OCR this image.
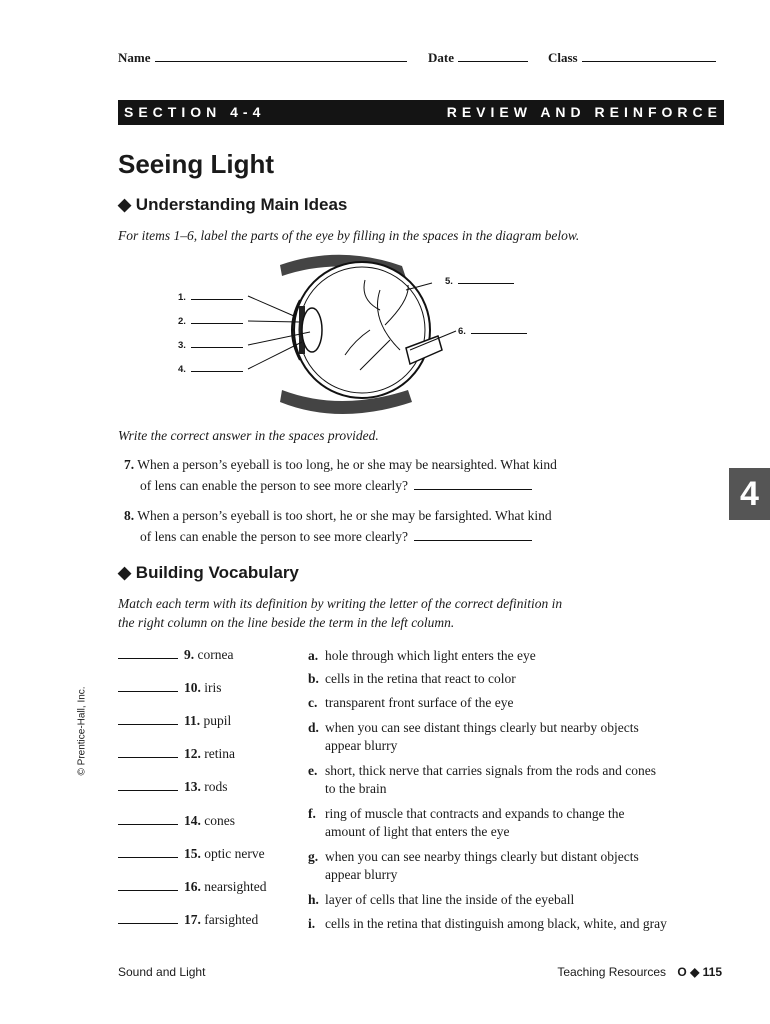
Name	Date	Class
SECTION 4-4	REVIEW AND REINFORCE
Seeing Light
◆ Understanding Main Ideas
For items 1–6, label the parts of the eye by filling in the spaces in the diagram below.
1.
2.
3.
4.
5.
6.
Write the correct answer in the spaces provided.
7. When a person’s eyeball is too long, he or she may be nearsighted. What kind
of lens can enable the person to see more clearly?
8. When a person’s eyeball is too short, he or she may be farsighted. What kind
of lens can enable the person to see more clearly?
4
© Prentice-Hall, Inc.
◆ Building Vocabulary
Match each term with its definition by writing the letter of the correct definition in
the right column on the line beside the term in the left column.
9. cornea
10. iris
11. pupil
12. retina
13. rods
14. cones
15. optic nerve
16. nearsighted
17. farsighted
a. hole through which light enters the eye
b. cells in the retina that react to color
c. transparent front surface of the eye
d. when you can see distant things clearly but nearby objects
appear blurry
e. short, thick nerve that carries signals from the rods and cones
to the brain
f. ring of muscle that contracts and expands to change the
amount of light that enters the eye
g. when you can see nearby things clearly but distant objects
appear blurry
h. layer of cells that line the inside of the eyeball
i. cells in the retina that distinguish among black, white, and gray
Sound and Light	Teaching Resources O ◆ 115
